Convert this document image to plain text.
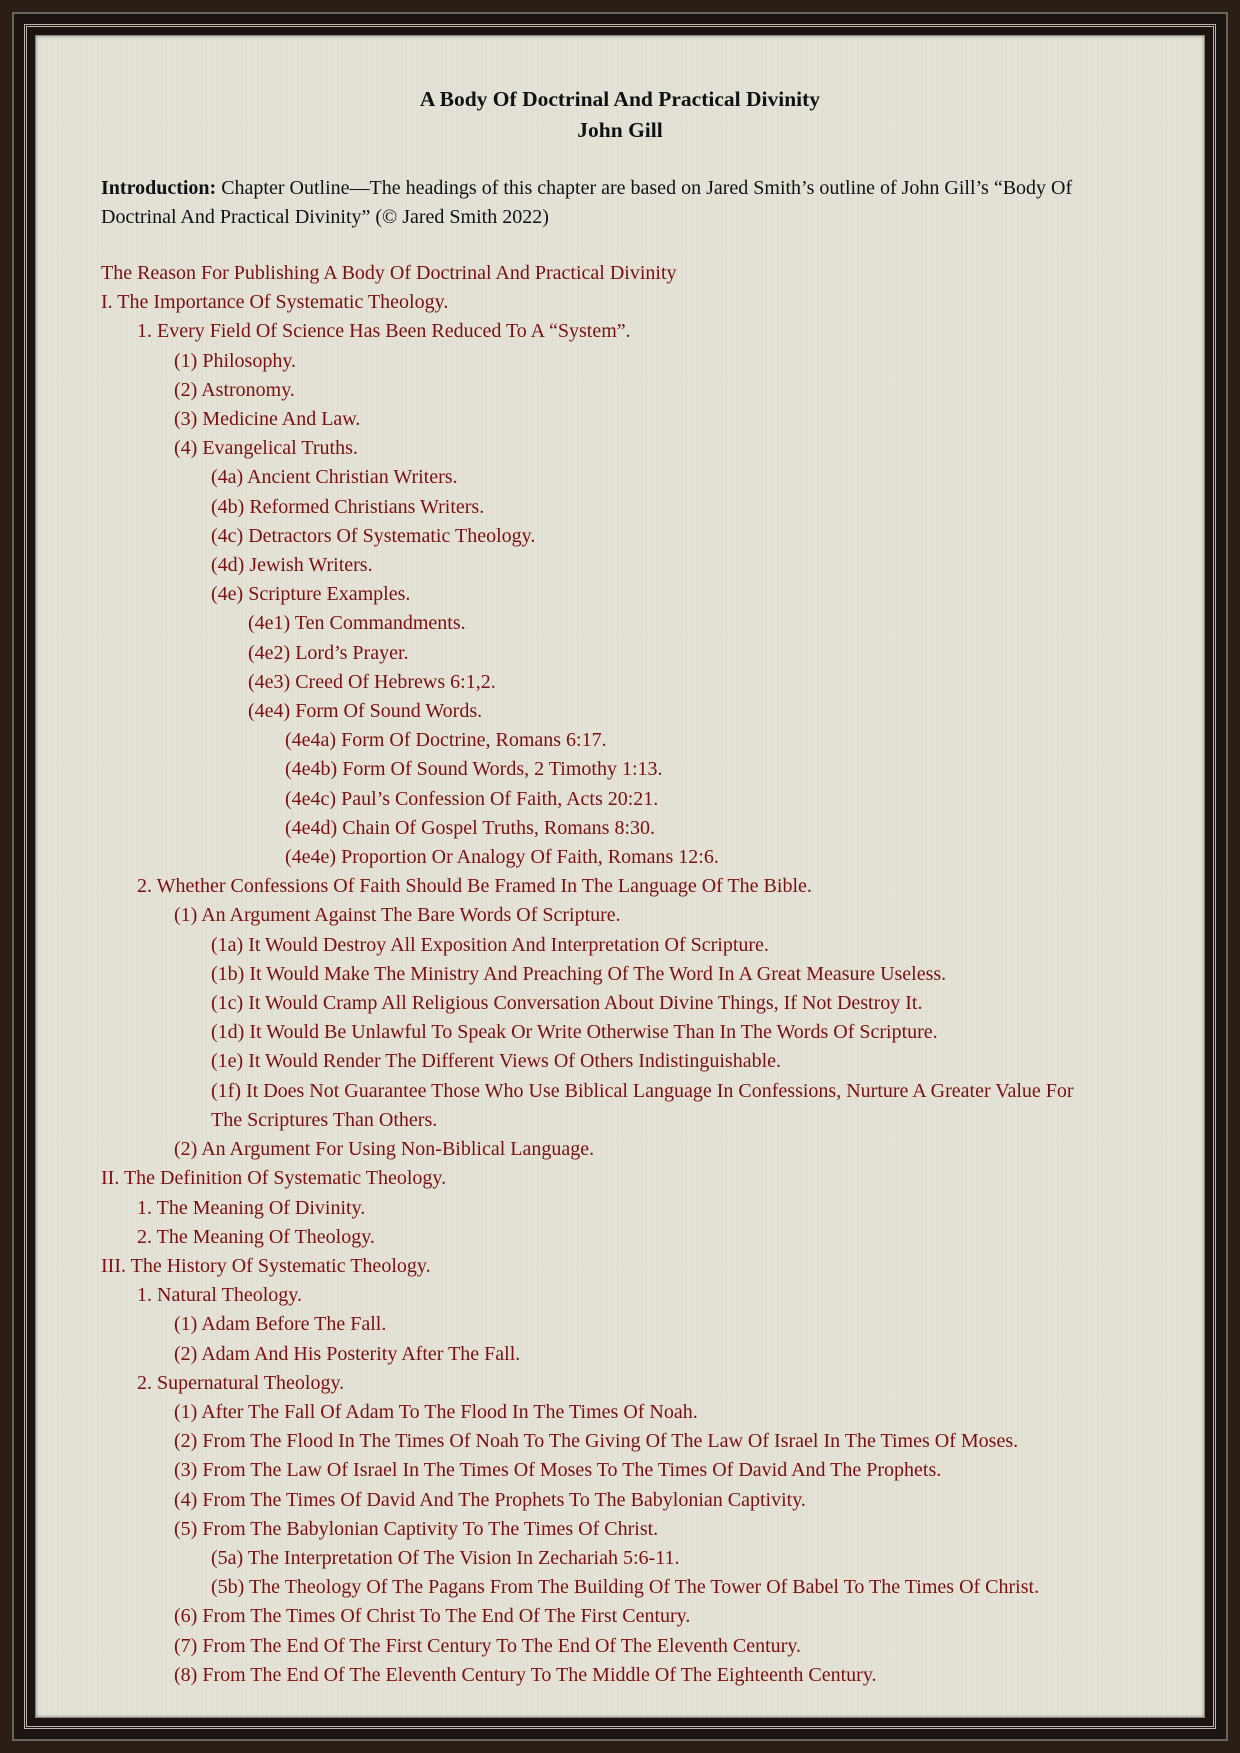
A Body Of Doctrinal And Practical Divinity
John Gill
Introduction: Chapter Outline—The headings of this chapter are based on Jared Smith’s outline of John Gill’s “Body Of Doctrinal And Practical Divinity” (© Jared Smith 2022)
The Reason For Publishing A Body Of Doctrinal And Practical Divinity
I. The Importance Of Systematic Theology.
1. Every Field Of Science Has Been Reduced To A “System”.
(1) Philosophy.
(2) Astronomy.
(3) Medicine And Law.
(4) Evangelical Truths.
(4a) Ancient Christian Writers.
(4b) Reformed Christians Writers.
(4c) Detractors Of Systematic Theology.
(4d) Jewish Writers.
(4e) Scripture Examples.
(4e1) Ten Commandments.
(4e2) Lord’s Prayer.
(4e3) Creed Of Hebrews 6:1,2.
(4e4) Form Of Sound Words.
(4e4a) Form Of Doctrine, Romans 6:17.
(4e4b) Form Of Sound Words, 2 Timothy 1:13.
(4e4c) Paul’s Confession Of Faith, Acts 20:21.
(4e4d) Chain Of Gospel Truths, Romans 8:30.
(4e4e) Proportion Or Analogy Of Faith, Romans 12:6.
2. Whether Confessions Of Faith Should Be Framed In The Language Of The Bible.
(1) An Argument Against The Bare Words Of Scripture.
(1a) It Would Destroy All Exposition And Interpretation Of Scripture.
(1b) It Would Make The Ministry And Preaching Of The Word In A Great Measure Useless.
(1c) It Would Cramp All Religious Conversation About Divine Things, If Not Destroy It.
(1d) It Would Be Unlawful To Speak Or Write Otherwise Than In The Words Of Scripture.
(1e) It Would Render The Different Views Of Others Indistinguishable.
(1f) It Does Not Guarantee Those Who Use Biblical Language In Confessions, Nurture A Greater Value For The Scriptures Than Others.
(2) An Argument For Using Non-Biblical Language.
II. The Definition Of Systematic Theology.
1. The Meaning Of Divinity.
2. The Meaning Of Theology.
III. The History Of Systematic Theology.
1. Natural Theology.
(1) Adam Before The Fall.
(2) Adam And His Posterity After The Fall.
2. Supernatural Theology.
(1) After The Fall Of Adam To The Flood In The Times Of Noah.
(2) From The Flood In The Times Of Noah To The Giving Of The Law Of Israel In The Times Of Moses.
(3) From The Law Of Israel In The Times Of Moses To The Times Of David And The Prophets.
(4) From The Times Of David And The Prophets To The Babylonian Captivity.
(5) From The Babylonian Captivity To The Times Of Christ.
(5a) The Interpretation Of The Vision In Zechariah 5:6-11.
(5b) The Theology Of The Pagans From The Building Of The Tower Of Babel To The Times Of Christ.
(6) From The Times Of Christ To The End Of The First Century.
(7) From The End Of The First Century To The End Of The Eleventh Century.
(8) From The End Of The Eleventh Century To The Middle Of The Eighteenth Century.
